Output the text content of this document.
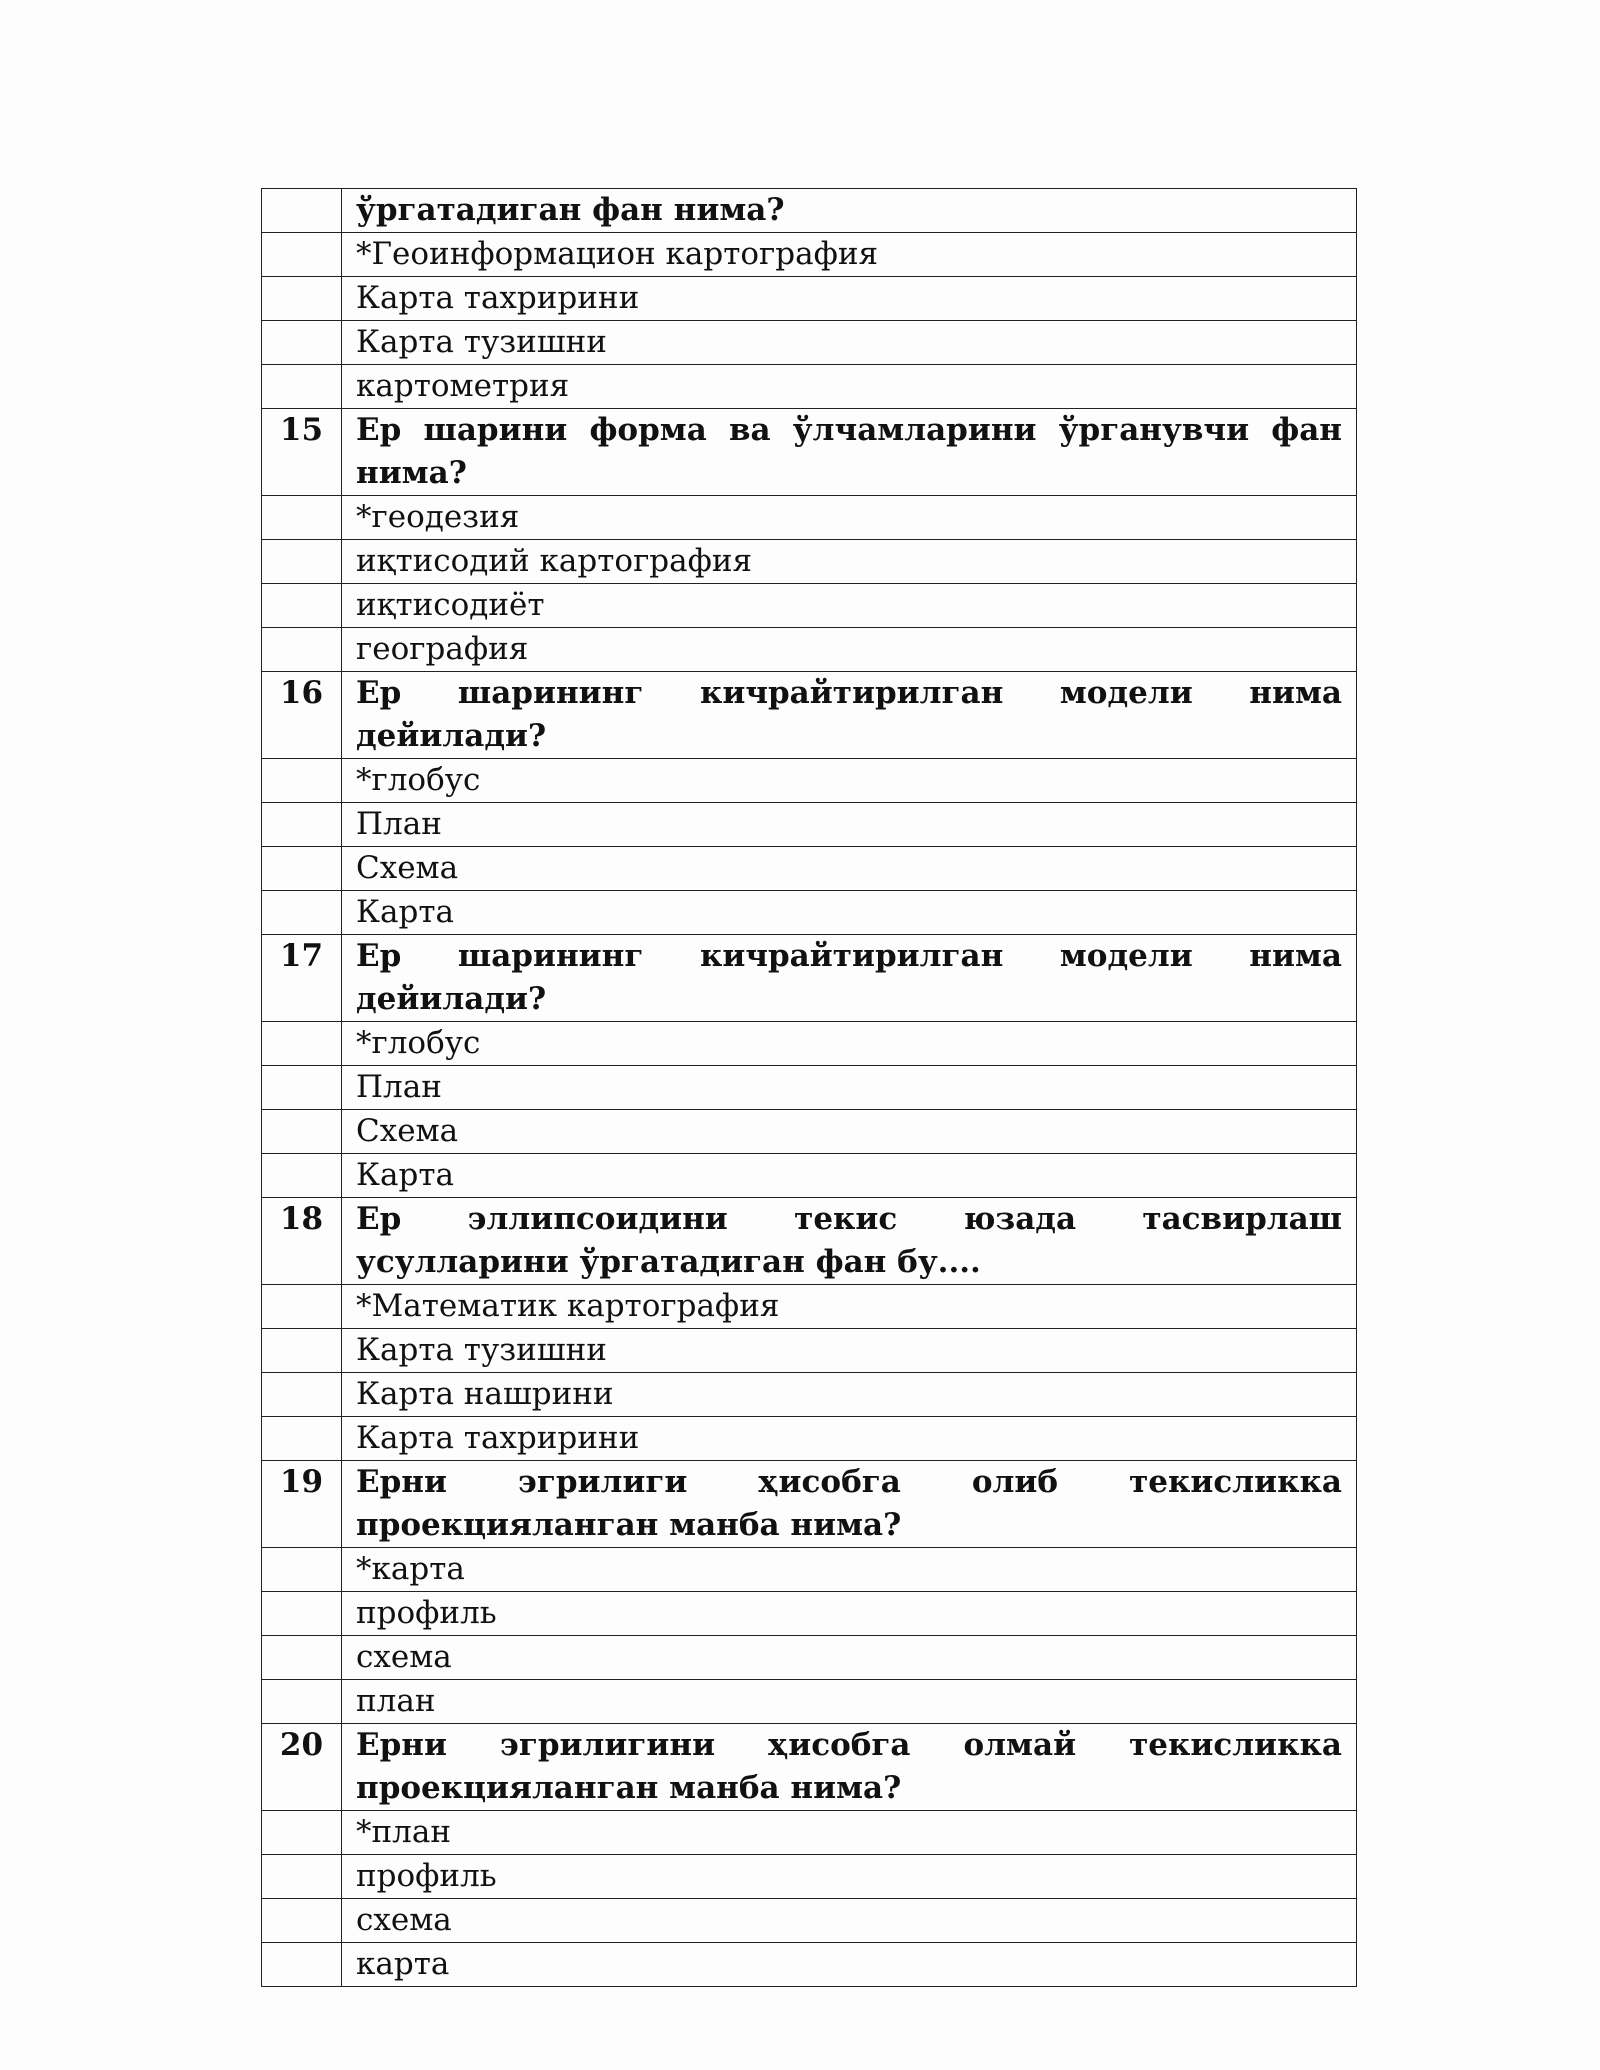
	ўргатадиган фан нима?
	*Геоинформацион картография
	Карта тахририни
	Карта тузишни
	картометрия
15	Ер шарини форма ва ўлчамларини ўрганувчи фан нима?
	*геодезия
	иқтисодий картография
	иқтисодиёт
	география
16	Ер шарининг кичрайтирилган модели нима дейилади?
	*глобус
	План
	Схема
	Карта
17	Ер шарининг кичрайтирилган модели нима дейилади?
	*глобус
	План
	Схема
	Карта
18	Ер эллипсоидини текис юзада тасвирлаш усулларини ўргатадиган фан бу....
	*Математик картография
	Карта тузишни
	Карта нашрини
	Карта тахририни
19	Ерни эгрилиги ҳисобга олиб текисликка проекцияланган манба нима?
	*карта
	профиль
	схема
	план
20	Ерни эгрилигини ҳисобга олмай текисликка проекцияланган манба нима?
	*план
	профиль
	схема
	карта
